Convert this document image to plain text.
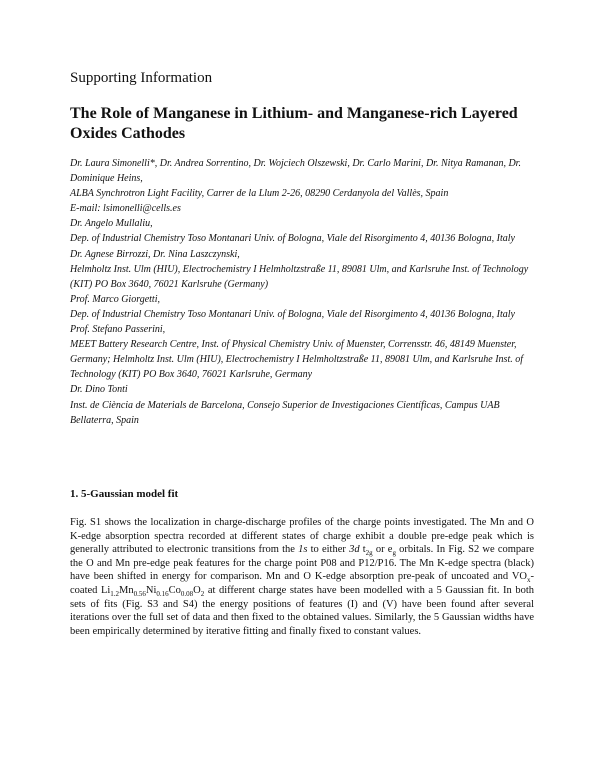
Supporting Information
The Role of Manganese in Lithium- and Manganese-rich Layered Oxides Cathodes

Dr. Laura Simonelli*, Dr. Andrea Sorrentino, Dr. Wojciech Olszewski, Dr. Carlo Marini, Dr. Nitya Ramanan, Dr. Dominique Heins,

ALBA Synchrotron Light Facility, Carrer de la Llum 2-26, 08290 Cerdanyola del Vallès, Spain

E-mail: lsimonelli@cells.es

Dr. Angelo Mullaliu,

Dep. of Industrial Chemistry Toso Montanari Univ. of Bologna, Viale del Risorgimento 4, 40136 Bologna, Italy

Dr. Agnese Birrozzi, Dr. Nina Laszczynski,

Helmholtz Inst. Ulm (HIU), Electrochemistry I Helmholtzstraße 11, 89081 Ulm, and Karlsruhe Inst. of Technology (KIT) PO Box 3640, 76021 Karlsruhe (Germany)

Prof. Marco Giorgetti,

Dep. of Industrial Chemistry Toso Montanari Univ. of Bologna, Viale del Risorgimento 4, 40136 Bologna, Italy

Prof. Stefano Passerini,

MEET Battery Research Centre, Inst. of Physical Chemistry Univ. of Muenster, Corrensstr. 46, 48149 Muenster, Germany; Helmholtz Inst. Ulm (HIU), Electrochemistry I Helmholtzstraße 11, 89081 Ulm, and Karlsruhe Inst. of Technology (KIT) PO Box 3640, 76021 Karlsruhe, Germany

Dr. Dino Tonti

Inst. de Ciència de Materials de Barcelona, Consejo Superior de Investigaciones Científicas, Campus UAB Bellaterra, Spain

1. 5-Gaussian model fit

Fig. S1 shows the localization in charge-discharge profiles of the charge points investigated. The Mn and O K-edge absorption spectra recorded at different states of charge exhibit a double pre-edge peak which is generally attributed to electronic transitions from the 1s to either 3d $t_{2g}$ or $e_g$ orbitals. In Fig. S2 we compare the O and Mn pre-edge peak features for the charge point P08 and P12/P16. The Mn K-edge spectra (black) have been shifted in energy for comparison. Mn and O K-edge absorption pre-peak of uncoated and $VO_x$-coated $Li_{1.2}Mn_{0.56}Ni_{0.16}Co_{0.08}O_2$ at different charge states have been modelled with a 5 Gaussian fit. In both sets of fits (Fig. S3 and S4) the energy positions of features (I) and (V) have been found after several iterations over the full set of data and then fixed to the obtained values. Similarly, the 5 Gaussian widths have been empirically determined by iterative fitting and finally fixed to constant values.
